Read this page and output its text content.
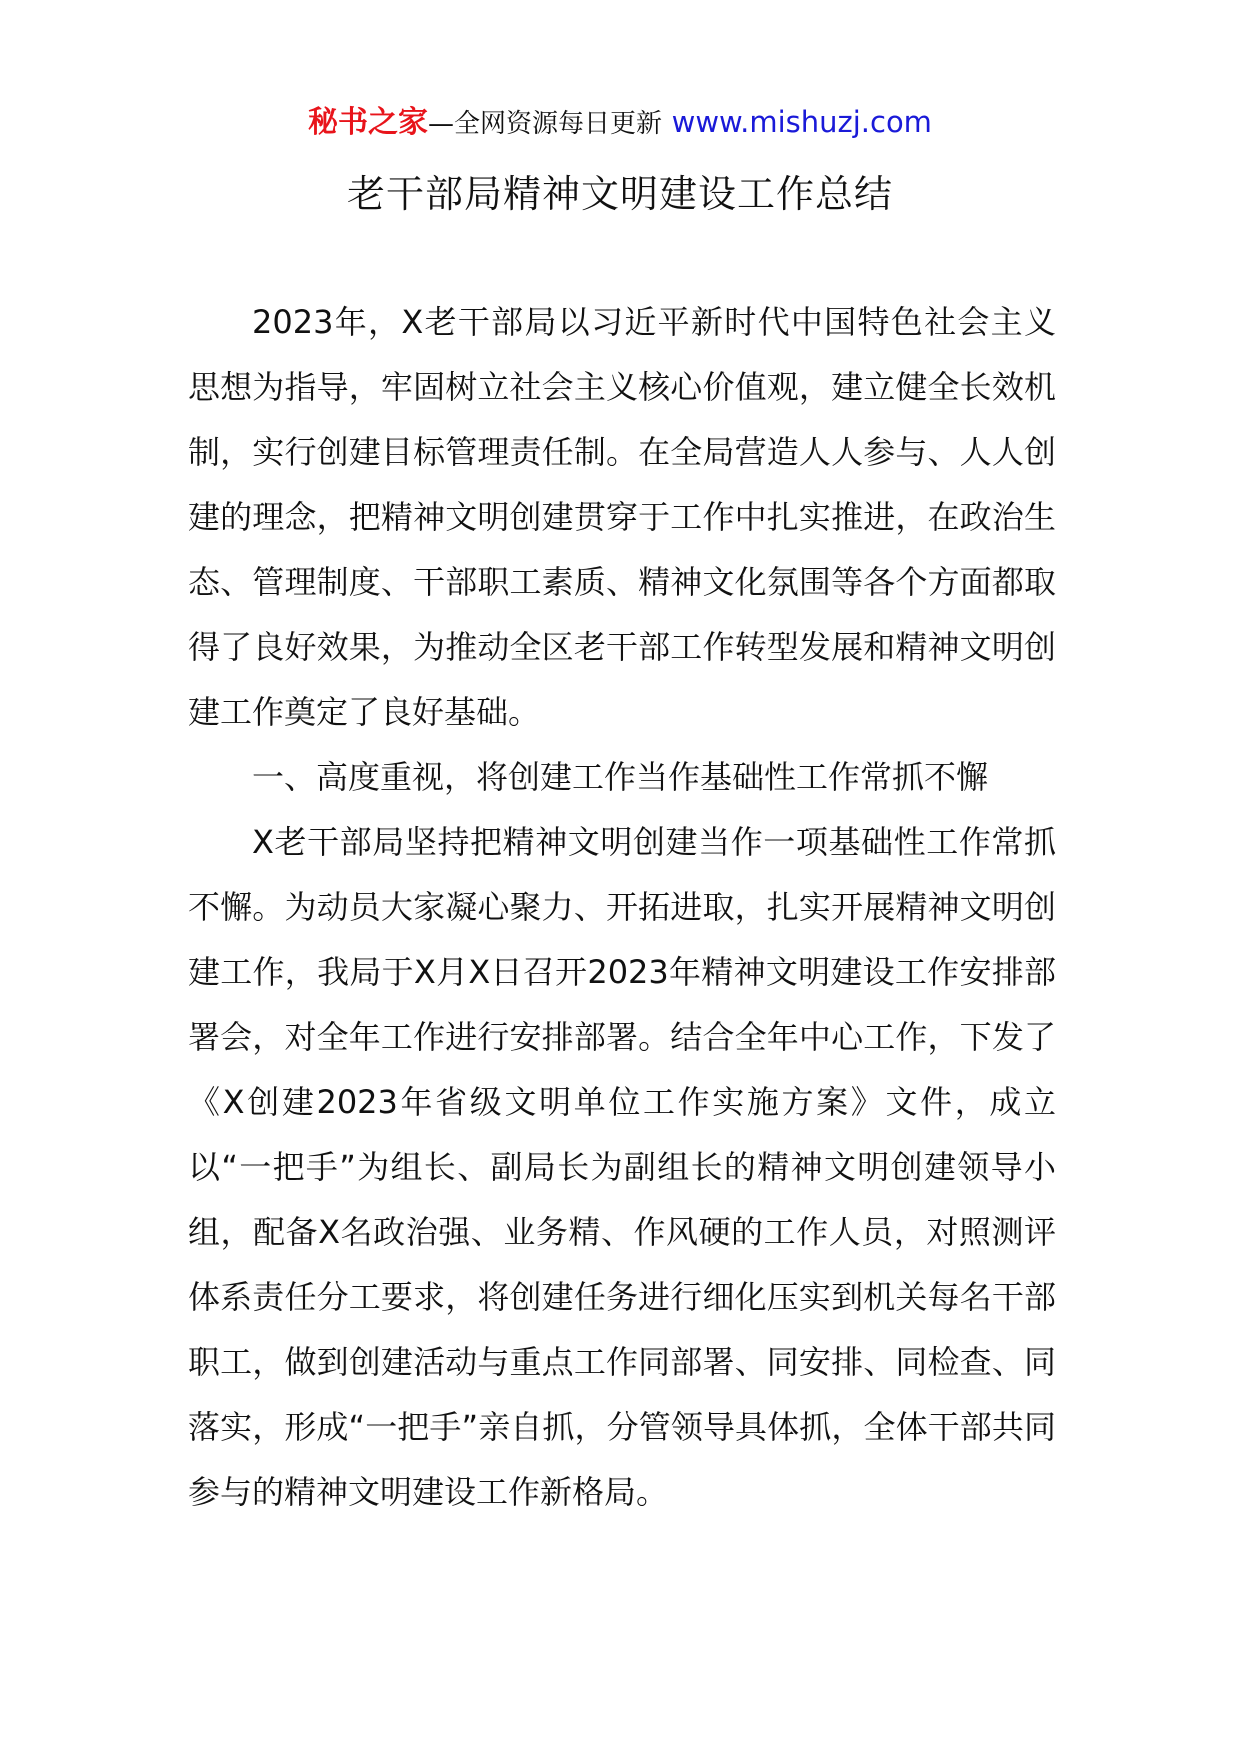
秘书之家—全网资源每日更新 www.mishuzj.com
老干部局精神文明建设工作总结

2023年，X老干部局以习近平新时代中国特色社会主义思想为指导，牢固树立社会主义核心价值观，建立健全长效机制，实行创建目标管理责任制。在全局营造人人参与、人人创建的理念，把精神文明创建贯穿于工作中扎实推进，在政治生态、管理制度、干部职工素质、精神文化氛围等各个方面都取得了良好效果，为推动全区老干部工作转型发展和精神文明创建工作奠定了良好基础。

一、高度重视，将创建工作当作基础性工作常抓不懈

X老干部局坚持把精神文明创建当作一项基础性工作常抓不懈。为动员大家凝心聚力、开拓进取，扎实开展精神文明创建工作，我局于X月X日召开2023年精神文明建设工作安排部署会，对全年工作进行安排部署。结合全年中心工作，下发了《X创建2023年省级文明单位工作实施方案》文件，成立以“一把手”为组长、副局长为副组长的精神文明创建领导小组，配备X名政治强、业务精、作风硬的工作人员，对照测评体系责任分工要求，将创建任务进行细化压实到机关每名干部职工，做到创建活动与重点工作同部署、同安排、同检查、同落实，形成“一把手”亲自抓，分管领导具体抓，全体干部共同参与的精神文明建设工作新格局。
